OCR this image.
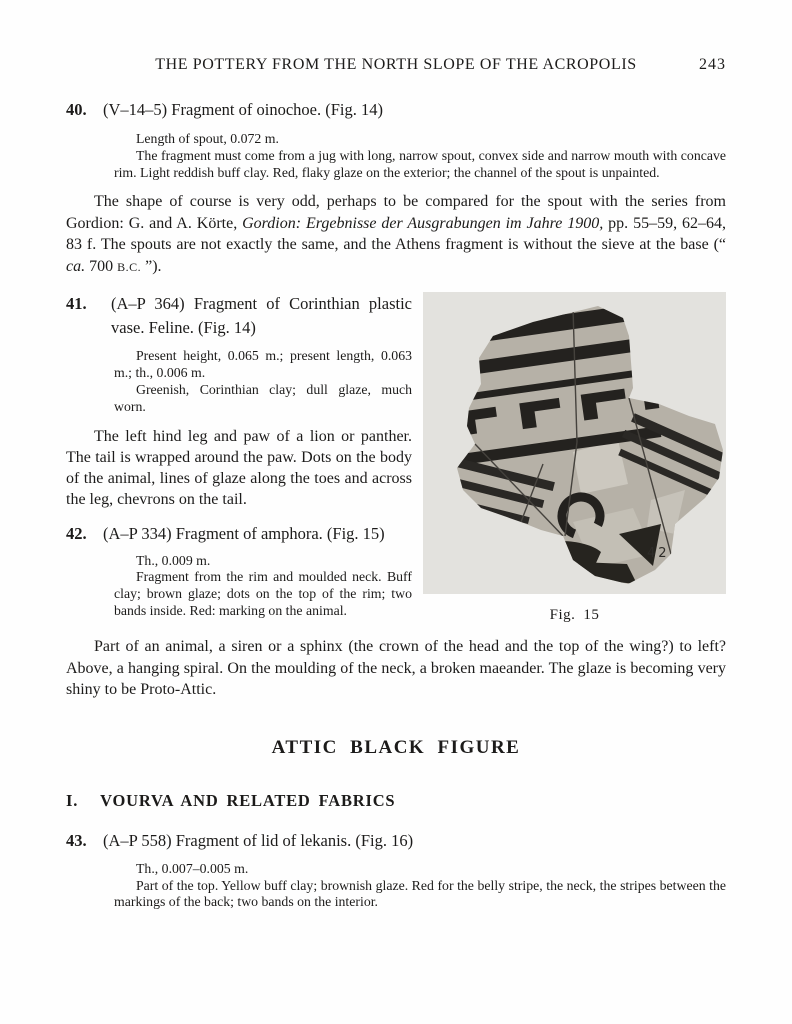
THE POTTERY FROM THE NORTH SLOPE OF THE ACROPOLIS	243
40. (V–14–5) Fragment of oinochoe. (Fig. 14)

Length of spout, 0.072 m.

The fragment must come from a jug with long, narrow spout, convex side and narrow mouth with concave rim. Light reddish buff clay. Red, flaky glaze on the exterior; the channel of the spout is unpainted.

The shape of course is very odd, perhaps to be compared for the spout with the series from Gordion: G. and A. Körte, Gordion: Ergebnisse der Ausgrabungen im Jahre 1900, pp. 55–59, 62–64, 83 f. The spouts are not exactly the same, and the Athens fragment is without the sieve at the base (“ ca. 700 B.C. ”).

41.	(A–P 364) Fragment of Corinthian plastic vase. Feline. (Fig. 14)

Present height, 0.065 m.; present length, 0.063 m.; th., 0.006 m.

Greenish, Corinthian clay; dull glaze, much worn.

The left hind leg and paw of a lion or panther. The tail is wrapped around the paw. Dots on the body of the animal, lines of glaze along the toes and across the leg, chevrons on the tail.

42. (A–P 334) Fragment of amphora. (Fig. 15)

Th., 0.009 m.

Fragment from the rim and moulded neck. Buff clay; brown glaze; dots on the top of the rim; two bands inside. Red: marking on the animal.

42
Fig. 15

Part of an animal, a siren or a sphinx (the crown of the head and the top of the wing?) to left? Above, a hanging spiral. On the moulding of the neck, a broken maeander. The glaze is becoming very shiny to be Proto-Attic.

ATTIC BLACK FIGURE
I. VOURVA AND RELATED FABRICS
43. (A–P 558) Fragment of lid of lekanis. (Fig. 16)

Th., 0.007–0.005 m.

Part of the top. Yellow buff clay; brownish glaze. Red for the belly stripe, the neck, the stripes between the markings of the back; two bands on the interior.
